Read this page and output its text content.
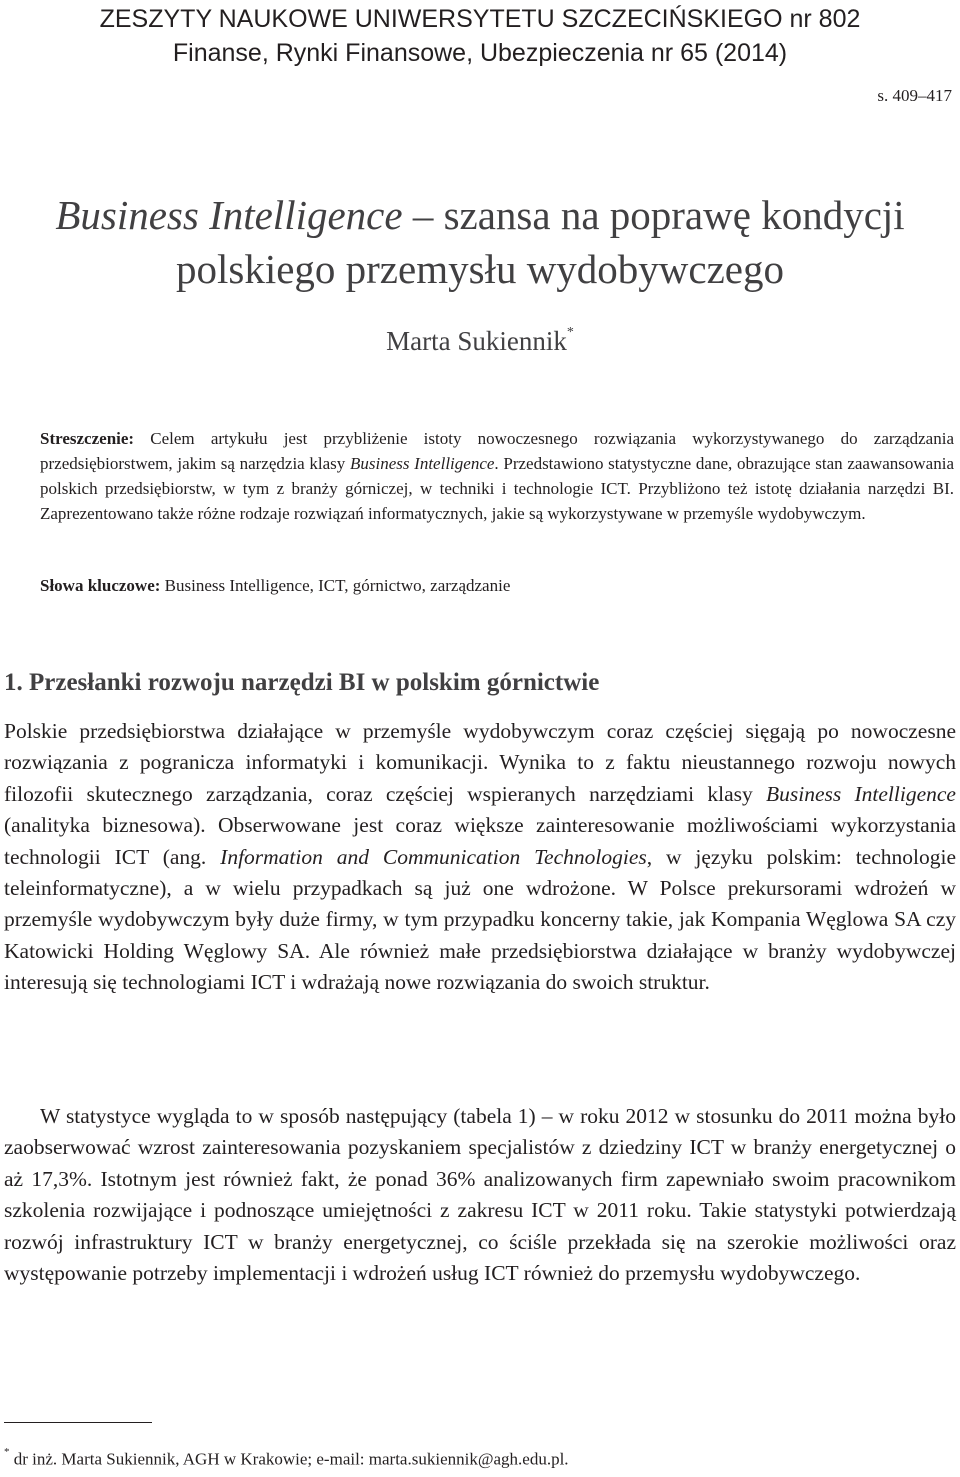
ZESZYTY NAUKOWE UNIWERSYTETU SZCZECIŃSKIEGO nr 802
Finanse, Rynki Finansowe, Ubezpieczenia nr 65 (2014)
s. 409–417
Business Intelligence – szansa na poprawę kondycji
polskiego przemysłu wydobywczego
Marta Sukiennik*
Streszczenie: Celem artykułu jest przybliżenie istoty nowoczesnego rozwiązania wykorzystywanego do zarządzania przedsiębiorstwem, jakim są narzędzia klasy Business Intelligence. Przedstawiono statystyczne dane, obrazujące stan zaawansowania polskich przedsiębiorstw, w tym z branży górniczej, w techniki i technologie ICT. Przybliżono też istotę działania narzędzi BI. Zaprezentowano także różne rodzaje rozwiązań informatycznych, jakie są wykorzystywane w przemyśle wydobywczym.
Słowa kluczowe: Business Intelligence, ICT, górnictwo, zarządzanie
1. Przesłanki rozwoju narzędzi BI w polskim górnictwie
Polskie przedsiębiorstwa działające w przemyśle wydobywczym coraz częściej sięgają po nowoczesne rozwiązania z pogranicza informatyki i komunikacji. Wynika to z faktu nieustannego rozwoju nowych filozofii skutecznego zarządzania, coraz częściej wspieranych narzędziami klasy Business Intelligence (analityka biznesowa). Obserwowane jest coraz większe zainteresowanie możliwościami wykorzystania technologii ICT (ang. Information and Communication Technologies, w języku polskim: technologie teleinformatyczne), a w wielu przypadkach są już one wdrożone. W Polsce prekursorami wdrożeń w przemyśle wydobywczym były duże firmy, w tym przypadku koncerny takie, jak Kompania Węglowa SA czy Katowicki Holding Węglowy SA. Ale również małe przedsiębiorstwa działające w branży wydobywczej interesują się technologiami ICT i wdrażają nowe rozwiązania do swoich struktur.
W statystyce wygląda to w sposób następujący (tabela 1) – w roku 2012 w stosunku do 2011 można było zaobserwować wzrost zainteresowania pozyskaniem specjalistów z dziedziny ICT w branży energetycznej o aż 17,3%. Istotnym jest również fakt, że ponad 36% analizowanych firm zapewniało swoim pracownikom szkolenia rozwijające i podnoszące umiejętności z zakresu ICT w 2011 roku. Takie statystyki potwierdzają rozwój infrastruktury ICT w branży energetycznej, co ściśle przekłada się na szerokie możliwości oraz występowanie potrzeby implementacji i wdrożeń usług ICT również do przemysłu wydobywczego.
* dr inż. Marta Sukiennik, AGH w Krakowie; e-mail: marta.sukiennik@agh.edu.pl.
